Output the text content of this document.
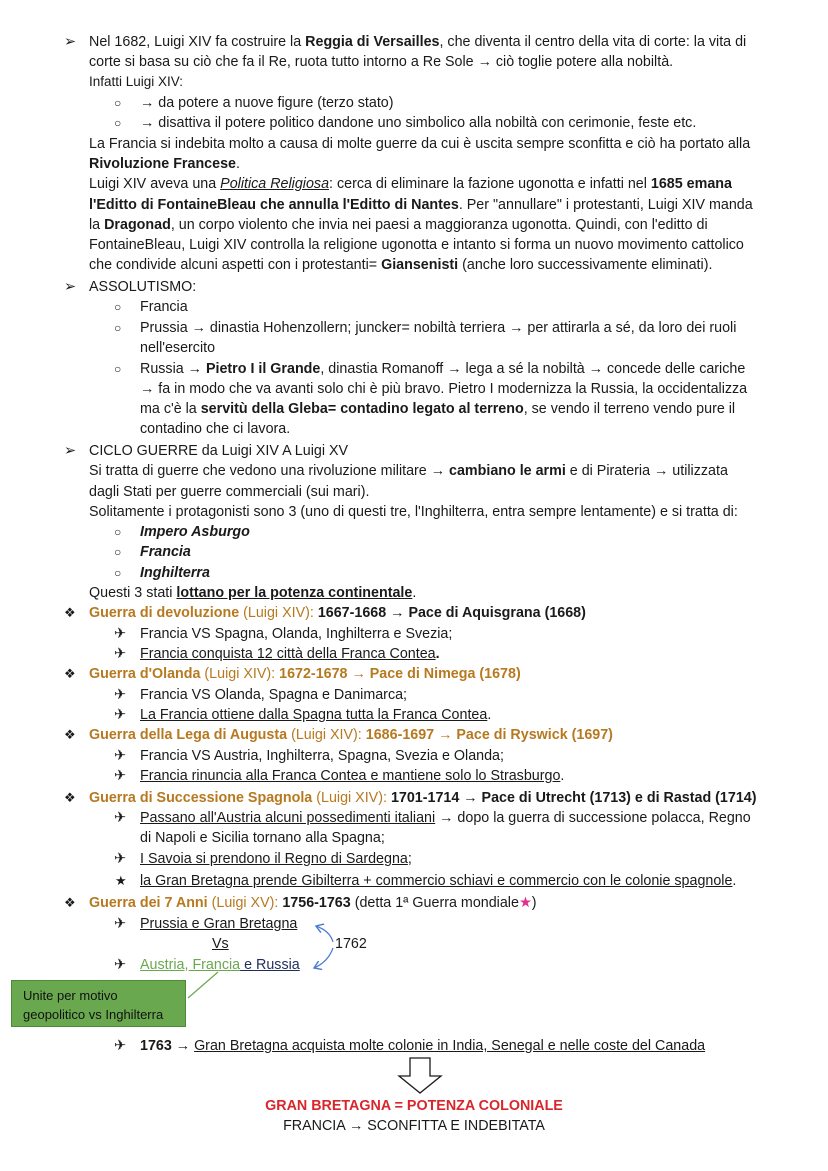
➢ Nel 1682, Luigi XIV fa costruire la Reggia di Versailles, che diventa il centro della vita di corte: la vita di
corte si basa su ciò che fa il Re, ruota tutto intorno a Re Sole → ciò toglie potere alla nobiltà.
Infatti Luigi XIV:
○ → da potere a nuove figure (terzo stato)
○ → disattiva il potere politico dandone uno simbolico alla nobiltà con cerimonie, feste etc.
La Francia si indebita molto a causa di molte guerre da cui è uscita sempre sconfitta e ciò ha portato alla
Rivoluzione Francese.
Luigi XIV aveva una Politica Religiosa: cerca di eliminare la fazione ugonotta e infatti nel 1685 emana
l'Editto di FontaineBleau che annulla l'Editto di Nantes. Per "annullare" i protestanti, Luigi XIV manda
la Dragonad, un corpo violento che invia nei paesi a maggioranza ugonotta. Quindi, con l'editto di
FontaineBleau, Luigi XIV controlla la religione ugonotta e intanto si forma un nuovo movimento cattolico
che condivide alcuni aspetti con i protestanti= Giansenisti (anche loro successivamente eliminati).
➢ ASSOLUTISMO:
○ Francia
○ Prussia → dinastia Hohenzollern; juncker= nobiltà terriera → per attirarla a sé, da loro dei ruoli
nell'esercito
○ Russia → Pietro I il Grande, dinastia Romanoff → lega a sé la nobiltà → concede delle cariche
→ fa in modo che va avanti solo chi è più bravo. Pietro I modernizza la Russia, la occidentalizza
ma c'è la servitù della Gleba= contadino legato al terreno, se vendo il terreno vendo pure il
contadino che ci lavora.
➢ CICLO GUERRE da Luigi XIV A Luigi XV
Si tratta di guerre che vedono una rivoluzione militare → cambiano le armi e di Pirateria → utilizzata
dagli Stati per guerre commerciali (sui mari).
Solitamente i protagonisti sono 3 (uno di questi tre, l'Inghilterra, entra sempre lentamente) e si tratta di:
○ Impero Asburgo
○ Francia
○ Inghilterra
Questi 3 stati lottano per la potenza continentale.
❖ Guerra di devoluzione (Luigi XIV): 1667-1668 → Pace di Aquisgrana (1668)
✈ Francia VS Spagna, Olanda, Inghilterra e Svezia;
✈ Francia conquista 12 città della Franca Contea.
❖ Guerra d'Olanda (Luigi XIV): 1672-1678 → Pace di Nimega (1678)
✈ Francia VS Olanda, Spagna e Danimarca;
✈ La Francia ottiene dalla Spagna tutta la Franca Contea.
❖ Guerra della Lega di Augusta (Luigi XIV): 1686-1697 → Pace di Ryswick (1697)
✈ Francia VS Austria, Inghilterra, Spagna, Svezia e Olanda;
✈ Francia rinuncia alla Franca Contea e mantiene solo lo Strasburgo.
❖ Guerra di Successione Spagnola (Luigi XIV): 1701-1714 → Pace di Utrecht (1713) e di Rastad (1714)
✈ Passano all'Austria alcuni possedimenti italiani → dopo la guerra di successione polacca, Regno
di Napoli e Sicilia tornano alla Spagna;
✈ I Savoia si prendono il Regno di Sardegna;
★ la Gran Bretagna prende Gibilterra + commercio schiavi e commercio con le colonie spagnole.
❖ Guerra dei 7 Anni (Luigi XV): 1756-1763 (detta 1ª Guerra mondiale★)
✈ Prussia e Gran Bretagna
Vs	1762
✈ Austria, Francia e Russia
Unite per motivo
geopolitico vs Inghilterra
✈ 1763 → Gran Bretagna acquista molte colonie in India, Senegal e nelle coste del Canada
GRAN BRETAGNA = POTENZA COLONIALE
FRANCIA → SCONFITTA E INDEBITATA
